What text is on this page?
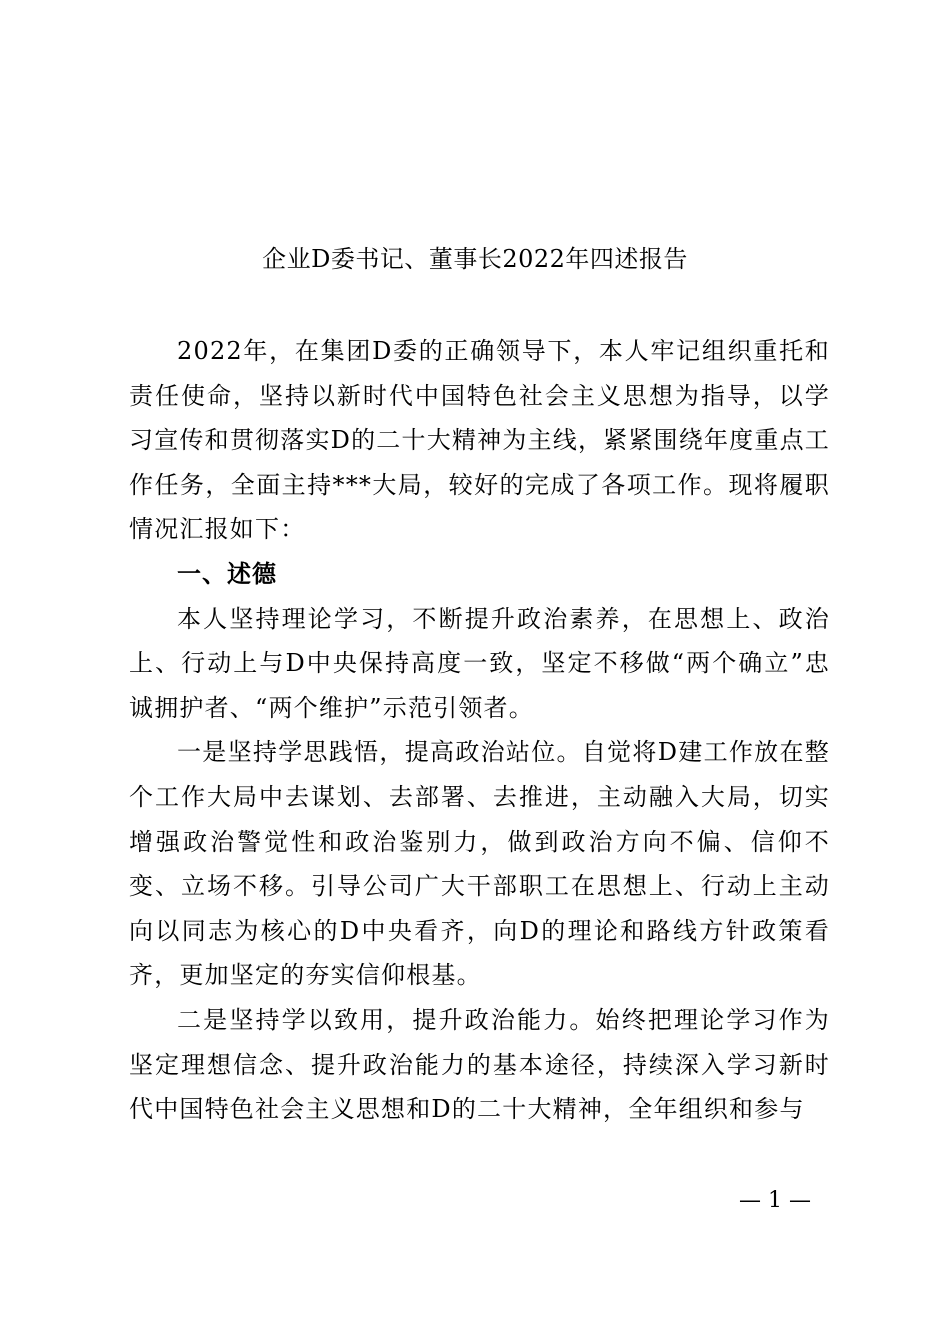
企业D委书记、董事长2022年四述报告

2022年，在集团D委的正确领导下，本人牢记组织重托和责任使命，坚持以新时代中国特色社会主义思想为指导，以学习宣传和贯彻落实D的二十大精神为主线，紧紧围绕年度重点工作任务，全面主持***大局，较好的完成了各项工作。现将履职情况汇报如下：

一、述德

本人坚持理论学习，不断提升政治素养，在思想上、政治上、行动上与D中央保持高度一致，坚定不移做“两个确立”忠诚拥护者、“两个维护”示范引领者。

一是坚持学思践悟，提高政治站位。自觉将D建工作放在整个工作大局中去谋划、去部署、去推进，主动融入大局，切实增强政治警觉性和政治鉴别力，做到政治方向不偏、信仰不变、立场不移。引导公司广大干部职工在思想上、行动上主动向以同志为核心的D中央看齐，向D的理论和路线方针政策看齐，更加坚定的夯实信仰根基。

二是坚持学以致用，提升政治能力。始终把理论学习作为坚定理想信念、提升政治能力的基本途径，持续深入学习新时代中国特色社会主义思想和D的二十大精神，全年组织和参与

— 1 —
